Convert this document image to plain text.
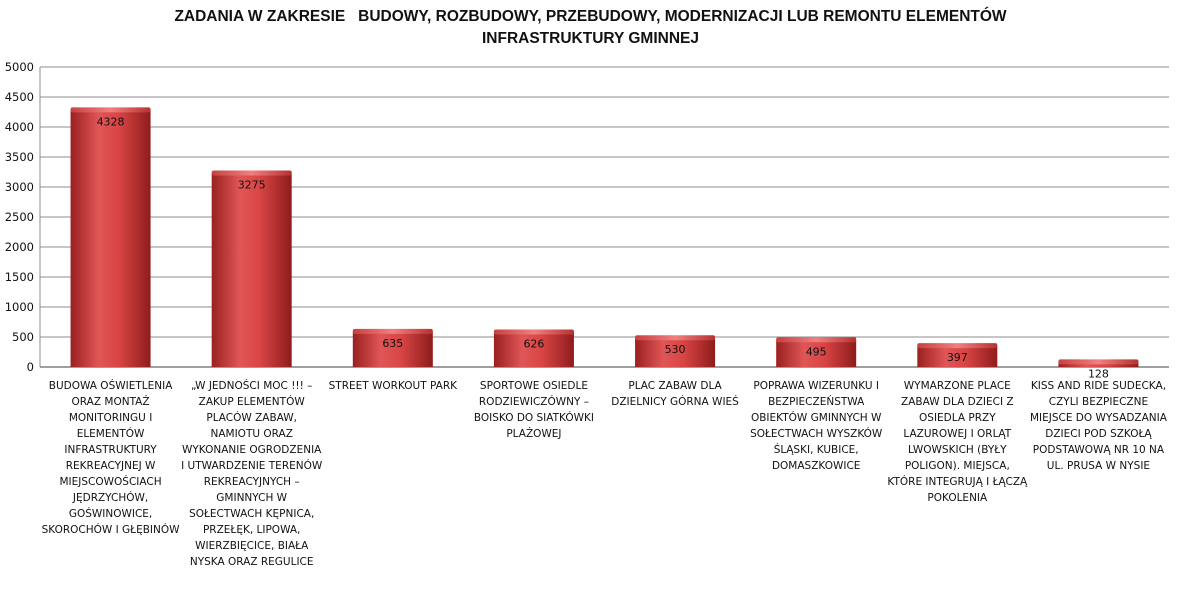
ZADANIA W ZAKRESIE   BUDOWY, ROZBUDOWY, PRZEBUDOWY, MODERNIZACJI LUB REMONTU ELEMENTÓW
INFRASTRUKTURY GMINNEJ
0
500
1000
1500
2000
2500
3000
3500
4000
4500
5000
4328
3275
635	626	530	495	397
128
BUDOWA OŚWIETLENIA ORAZ MONTAŻ MONITORINGU I ELEMENTÓW INFRASTRUKTURY REKREACYJNEJ W MIEJSCOWOŚCIACH JĘDRZYCHÓW, GOŚWINOWICE, SKOROCHÓW I GŁĘBINÓW
„W JEDNOŚCI MOC !!! – ZAKUP ELEMENTÓW PLACÓW ZABAW, NAMIOTU ORAZ WYKONANIE OGRODZENIA I UTWARDZENIE TERENÓW REKREACYJNYCH – GMINNYCH W SOŁECTWACH KĘPNICA, PRZEŁĘK, LIPOWA, WIERZBIĘCICE, BIAŁA NYSKA ORAZ REGULICE
STREET WORKOUT PARK	SPORTOWE OSIEDLE RODZIEWICZÓWNY – BOISKO DO SIATKÓWKI PLAŻOWEJ
PLAC ZABAW DLA DZIELNICY GÓRNA WIEŚ
POPRAWA WIZERUNKU I BEZPIECZEŃSTWA OBIEKTÓW GMINNYCH W SOŁECTWACH WYSZKÓW ŚLĄSKI, KUBICE, DOMASZKOWICE
WYMARZONE PLACE ZABAW DLA DZIECI Z OSIEDLA PRZY LAZUROWEJ I ORLĄT LWOWSKICH (BYŁY POLIGON). MIEJSCA, KTÓRE INTEGRUJĄ I ŁĄCZĄ POKOLENIA
KISS AND RIDE SUDECKA, CZYLI BEZPIECZNE MIEJSCE DO WYSADZANIA DZIECI POD SZKOŁĄ PODSTAWOWĄ NR 10 NA UL. PRUSA W NYSIE
